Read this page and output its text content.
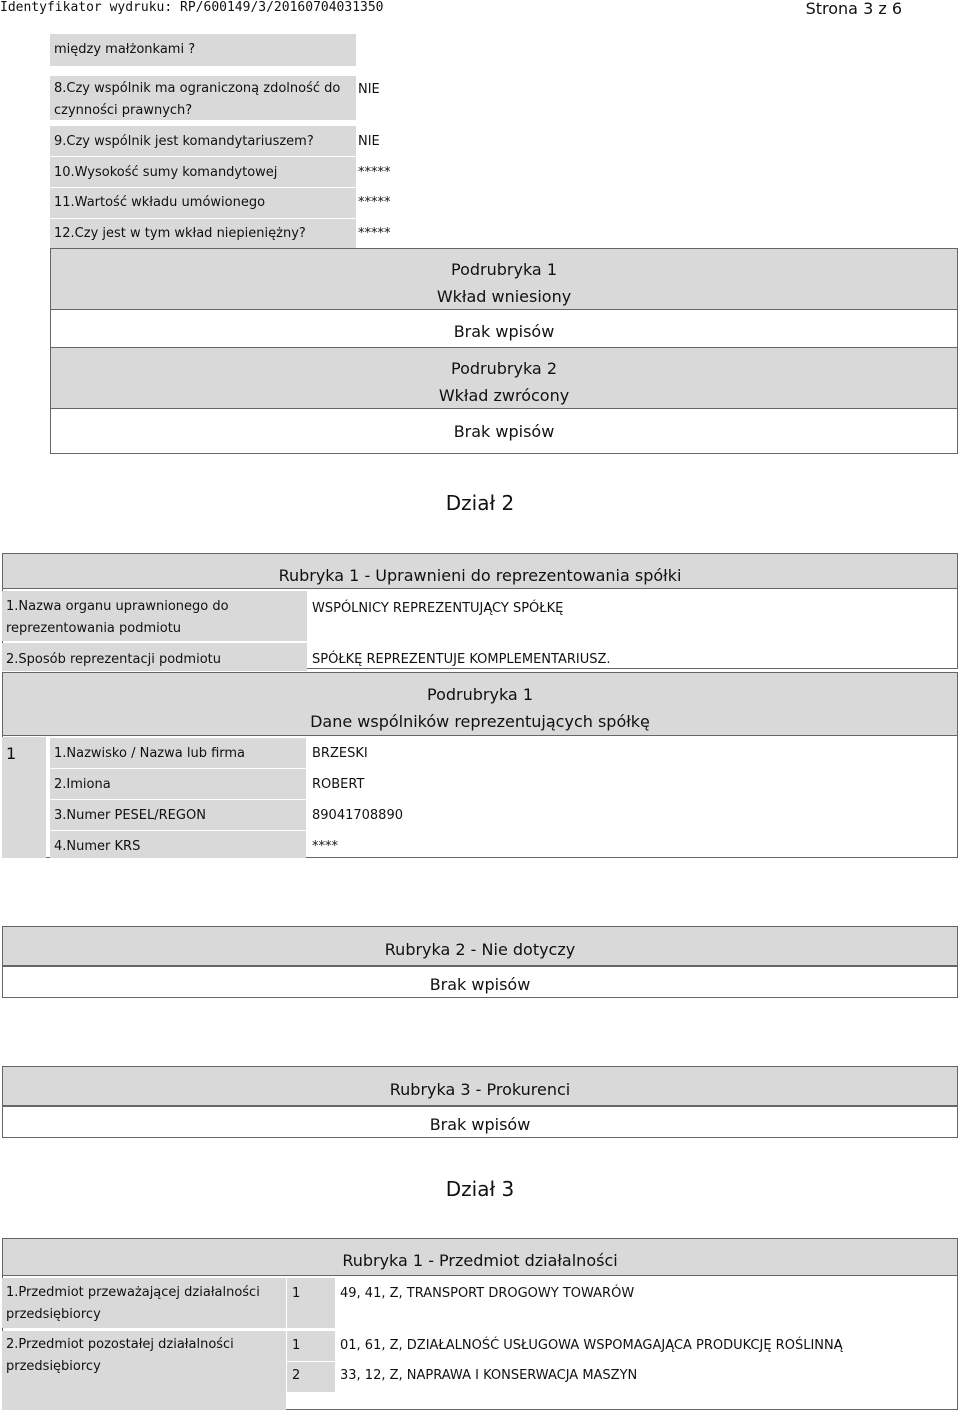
Identyfikator wydruku: RP/600149/3/20160704031350	Strona 3 z 6
między małżonkami ?
8.Czy wspólnik ma ograniczoną zdolność do czynności prawnych?
NIE
9.Czy wspólnik jest komandytariuszem?	NIE
10.Wysokość sumy komandytowej	*****
11.Wartość wkładu umówionego	*****
12.Czy jest w tym wkład niepieniężny?	*****
Podrubryka 1
Wkład wniesiony
Brak wpisów
Podrubryka 2
Wkład zwrócony
Brak wpisów
Dział 2
Rubryka 1 - Uprawnieni do reprezentowania spółki
1.Nazwa organu uprawnionego do reprezentowania podmiotu
WSPÓLNICY REPREZENTUJĄCY SPÓŁKĘ
2.Sposób reprezentacji podmiotu	SPÓŁKĘ REPREZENTUJE KOMPLEMENTARIUSZ.
Podrubryka 1
Dane wspólników reprezentujących spółkę
1	1.Nazwisko / Nazwa lub firma	BRZESKI
2.Imiona	ROBERT
3.Numer PESEL/REGON	89041708890
4.Numer KRS	****
Rubryka 2 - Nie dotyczy
Brak wpisów
Rubryka 3 - Prokurenci
Brak wpisów
Dział 3
Rubryka 1 - Przedmiot działalności
1.Przedmiot przeważającej działalności przedsiębiorcy
1	49, 41, Z, TRANSPORT DROGOWY TOWARÓW
2.Przedmiot pozostałej działalności przedsiębiorcy
1	01, 61, Z, DZIAŁALNOŚĆ USŁUGOWA WSPOMAGAJĄCA PRODUKCJĘ ROŚLINNĄ
2	33, 12, Z, NAPRAWA I KONSERWACJA MASZYN
